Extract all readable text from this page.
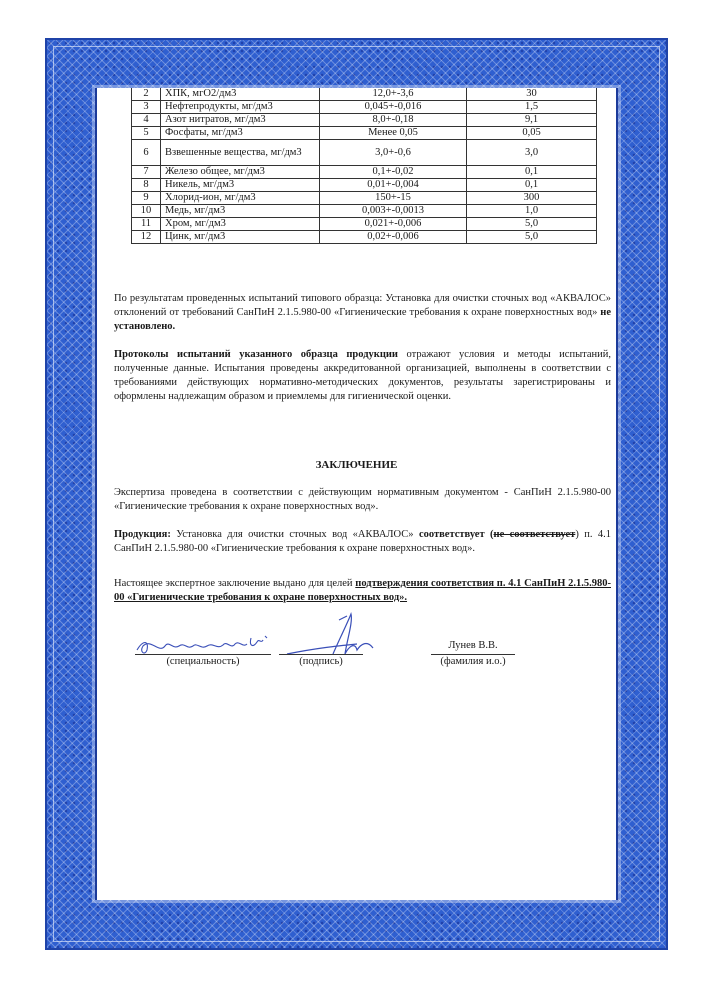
2	ХПК, мгО2/дм3	12,0+-3,6	30
3	Нефтепродукты, мг/дм3	0,045+-0,016	1,5
4	Азот нитратов, мг/дм3	8,0+-0,18	9,1
5	Фосфаты, мг/дм3	Менее 0,05	0,05
6	Взвешенные вещества, мг/дм3	3,0+-0,6	3,0
7	Железо общее, мг/дм3	0,1+-0,02	0,1
8	Никель, мг/дм3	0,01+-0,004	0,1
9	Хлорид-ион, мг/дм3	150+-15	300
10	Медь, мг/дм3	0,003+-0,0013	1,0
11	Хром, мг/дм3	0,021+-0,006	5,0
12	Цинк, мг/дм3	0,02+-0,006	5,0

По результатам проведенных испытаний типового образца: Установка для очистки сточных вод «АКВАЛОС» отклонений от требований СанПиН 2.1.5.980-00 «Гигиенические требования к охране поверхностных вод» не установлено.

Протоколы испытаний указанного образца продукции отражают условия и методы испытаний, полученные данные. Испытания проведены аккредитованной организацией, выполнены в соответствии с требованиями действующих нормативно-методических документов, результаты зарегистрированы и оформлены надлежащим образом и приемлемы для гигиенической оценки.

ЗАКЛЮЧЕНИЕ

Экспертиза проведена в соответствии с действующим нормативным документом - СанПиН 2.1.5.980-00 «Гигиенические требования к охране поверхностных вод».

Продукция: Установка для очистки сточных вод «АКВАЛОС» соответствует (не соответствует) п. 4.1 СанПиН 2.1.5.980-00 «Гигиенические требования к охране поверхностных вод».

Настоящее экспертное заключение выдано для целей подтверждения соответствия п. 4.1 СанПиН 2.1.5.980-00 «Гигиенические требования к охране поверхностных вод».

(специальность)	(подпись)
Лунев В.В.
(фамилия и.о.)
